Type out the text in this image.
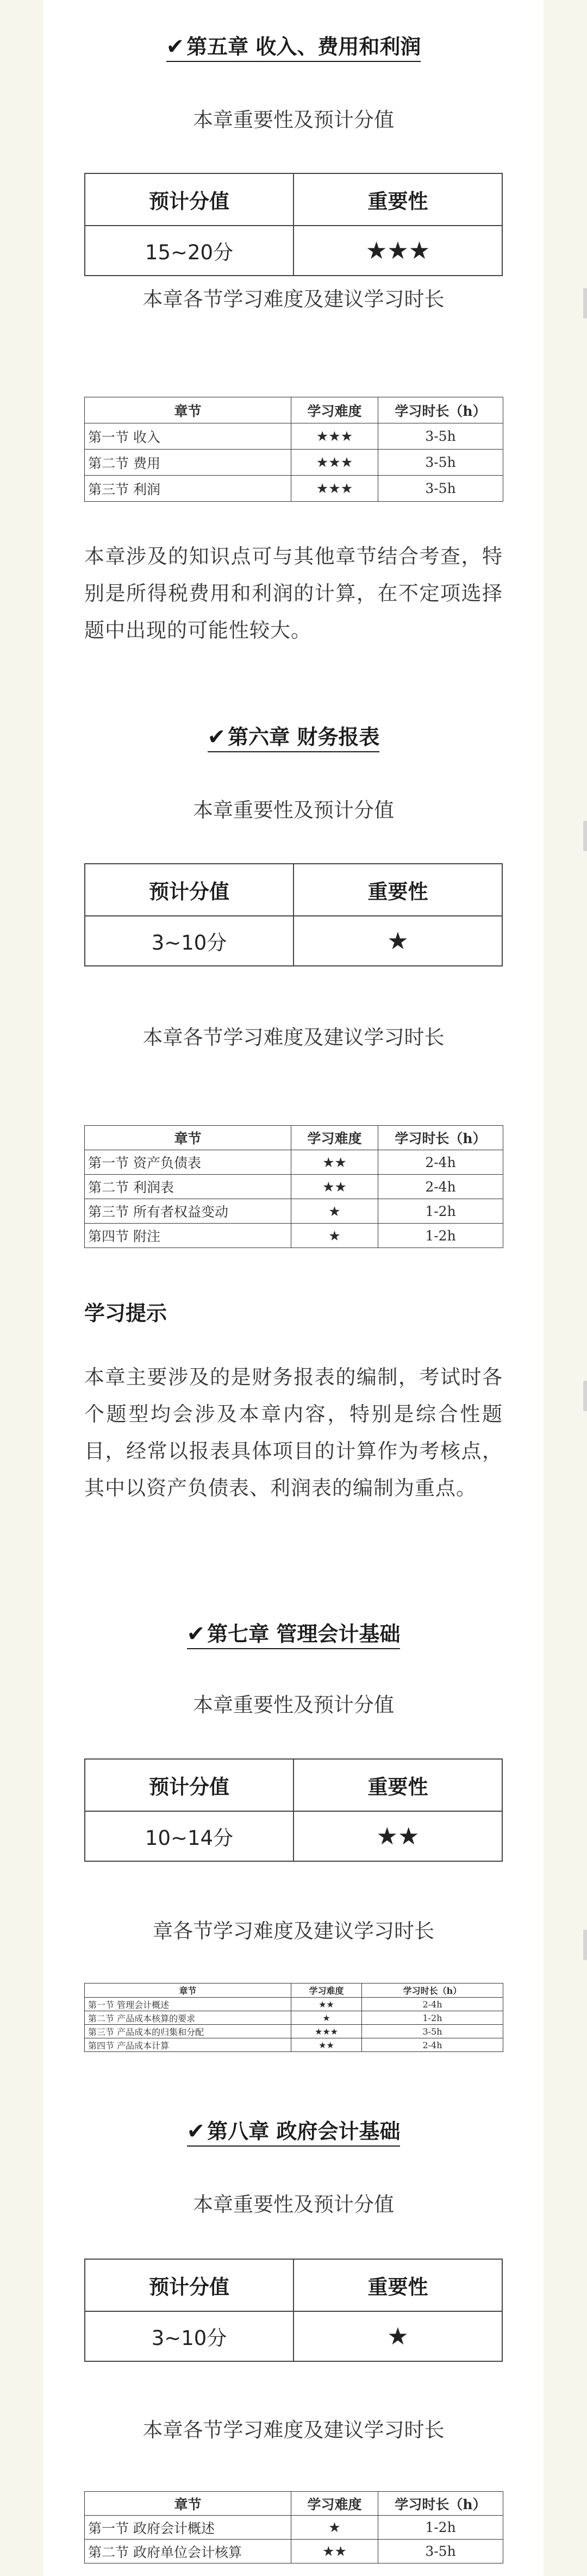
✔ 第五章 收入、费用和利润
本章重要性及预计分值
预计分值	重要性
15~20分	★★★
本章各节学习难度及建议学习时长
章节	学习难度	学习时长（h）
第一节 收入	★★★	3-5h
第二节 费用	★★★	3-5h
第三节 利润	★★★	3-5h
本章涉及的知识点可与其他章节结合考查，特别是所得税费用和利润的计算，在不定项选择题中出现的可能性较大。
✔ 第六章 财务报表
本章重要性及预计分值
预计分值	重要性
3~10分	★
本章各节学习难度及建议学习时长
章节	学习难度	学习时长（h）
第一节 资产负债表	★★	2-4h
第二节 利润表	★★	2-4h
第三节 所有者权益变动	★	1-2h
第四节 附注	★	1-2h
学习提示
本章主要涉及的是财务报表的编制，考试时各个题型均会涉及本章内容，特别是综合性题目，经常以报表具体项目的计算作为考核点，其中以资产负债表、利润表的编制为重点。
✔ 第七章 管理会计基础
本章重要性及预计分值
预计分值	重要性
10~14分	★★
章各节学习难度及建议学习时长
章节	学习难度	学习时长（h）
第一节 管理会计概述	★★	2-4h
第二节 产品成本核算的要求	★	1-2h
第三节 产品成本的归集和分配	★★★	3-5h
第四节 产品成本计算	★★	2-4h
✔ 第八章 政府会计基础
本章重要性及预计分值
预计分值	重要性
3~10分	★
本章各节学习难度及建议学习时长
章节	学习难度	学习时长（h）
第一节 政府会计概述	★	1-2h
第二节 政府单位会计核算	★★	3-5h
